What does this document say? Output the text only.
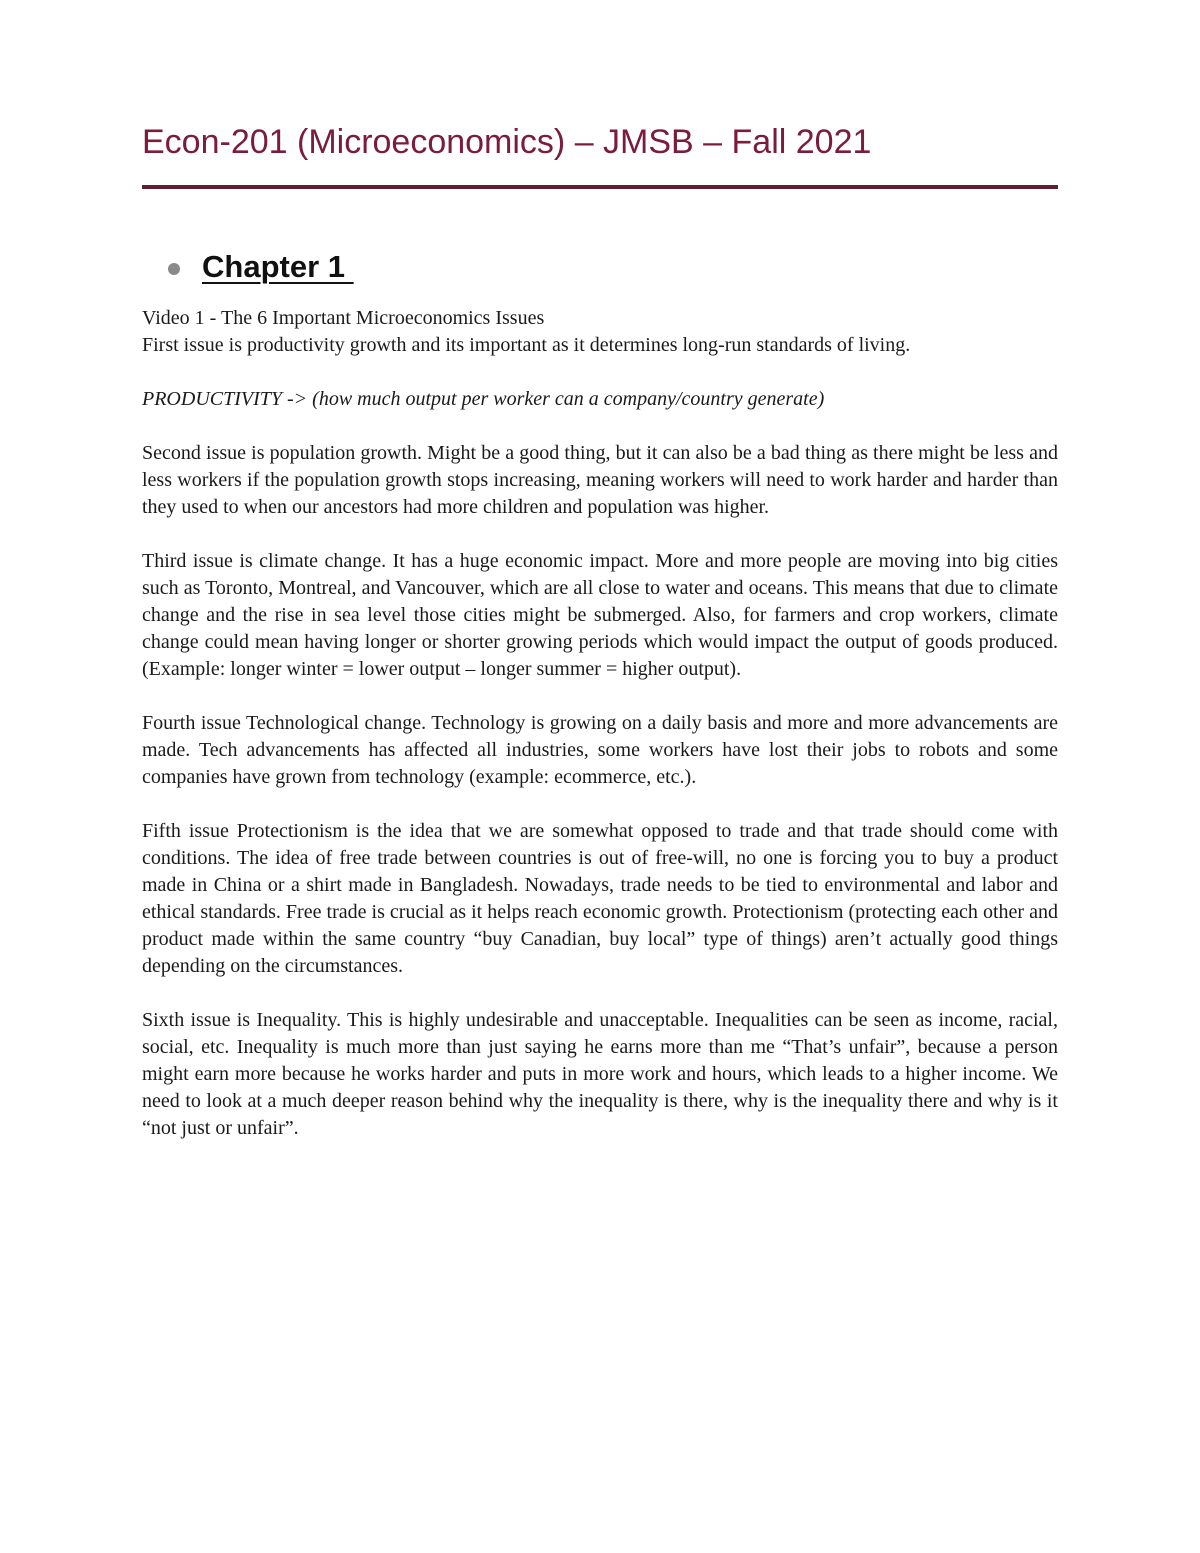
Econ-201 (Microeconomics) – JMSB – Fall 2021
Chapter 1

Video 1 - The 6 Important Microeconomics Issues

First issue is productivity growth and its important as it determines long-run standards of living.

PRODUCTIVITY -> (how much output per worker can a company/country generate)

Second issue is population growth. Might be a good thing, but it can also be a bad thing as there might be less and less workers if the population growth stops increasing, meaning workers will need to work harder and harder than they used to when our ancestors had more children and population was higher.

Third issue is climate change. It has a huge economic impact. More and more people are moving into big cities such as Toronto, Montreal, and Vancouver, which are all close to water and oceans. This means that due to climate change and the rise in sea level those cities might be submerged. Also, for farmers and crop workers, climate change could mean having longer or shorter growing periods which would impact the output of goods produced. (Example: longer winter = lower output – longer summer = higher output).

Fourth issue Technological change. Technology is growing on a daily basis and more and more advancements are made. Tech advancements has affected all industries, some workers have lost their jobs to robots and some companies have grown from technology (example: ecommerce, etc.).

Fifth issue Protectionism is the idea that we are somewhat opposed to trade and that trade should come with conditions. The idea of free trade between countries is out of free-will, no one is forcing you to buy a product made in China or a shirt made in Bangladesh. Nowadays, trade needs to be tied to environmental and labor and ethical standards. Free trade is crucial as it helps reach economic growth. Protectionism (protecting each other and product made within the same country “buy Canadian, buy local” type of things) aren’t actually good things depending on the circumstances.

Sixth issue is Inequality. This is highly undesirable and unacceptable. Inequalities can be seen as income, racial, social, etc. Inequality is much more than just saying he earns more than me “That’s unfair”, because a person might earn more because he works harder and puts in more work and hours, which leads to a higher income. We need to look at a much deeper reason behind why the inequality is there, why is the inequality there and why is it “not just or unfair”.
